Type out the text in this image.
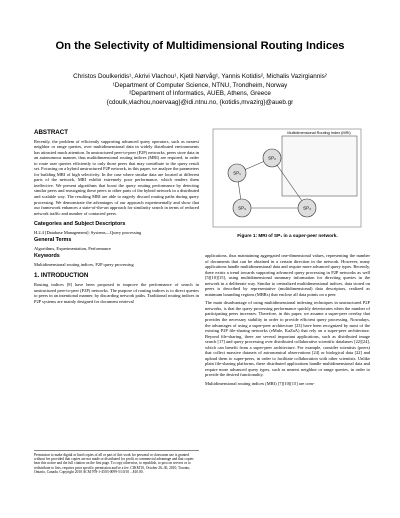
On the Selectivity of Multidimensional Routing Indices
Christos Doulkeridis¹, Akrivi Vlachou¹, Kjetil Nørvåg¹, Yannis Kotidis², Michalis Vazirgiannis²
¹Department of Computer Science, NTNU, Trondheim, Norway
²Department of Informatics, AUEB, Athens, Greece
{cdoulk,vlachou,noervaag}@idi.ntnu.no, {kotidis,mvazirg}@aueb.gr
ABSTRACT

Recently, the problem of efficiently supporting advanced query operators, such as nearest neighbor or range queries, over multidimensional data in widely distributed environments has attracted much attention. In unstructured peer-to-peer (P2P) networks, peers store data in an autonomous manner, thus multidimensional routing indices (MRI) are required, in order to route user queries efficiently to only those peers that may contribute to the query result set. Focusing on a hybrid unstructured P2P network, in this paper, we analyze the parameters for building MRI of high selectivity. In the case where similar data are located at different parts of the network, MRI exhibit extremely poor performance, which renders them ineffective. We present algorithms that boost the query routing performance by detecting similar peers and reassigning these peers to other parts of the hybrid network in a distributed and scalable way. The resulting MRI are able to eagerly discard routing paths during query processing. We demonstrate the advantages of our approach experimentally and show that our framework enhances a state-of-the-art approach for similarity search in terms of reduced network traffic and number of contacted peers.

Categories and Subject Descriptors

H.2.4 [Database Management]: Systems—Query processing

General Terms

Algorithms, Experimentation, Performance

Keywords

Multidimensional routing indices, P2P query processing

1. INTRODUCTION

Routing indices [8] have been proposed to improve the performance of search in unstructured peer-to-peer (P2P) networks. The purpose of routing indices is to direct queries to peers in an intentional manner, by discarding network paths. Traditional routing indices in P2P systems are mainly designed for document retrieval

Permission to make digital or hard copies of all or part of this work for personal or classroom use is granted without fee provided that copies are not made or distributed for profit or commercial advantage and that copies bear this notice and the full citation on the first page. To copy otherwise, to republish, to post on servers or to redistribute to lists, requires prior specific permission and/or a fee. CIKM'10, October 26–30, 2010, Toronto, Ontario, Canada. Copyright 2010 ACM 978-1-4503-0099-5/10/10 ...$10.00.
Multidimensional Routing Index (MRI)
SP₁
SP₂
SP₃	SP₄
Figure 1: MRI of SP₁ in a super-peer network.

applications, thus maintaining aggregated one-dimensional values, representing the number of documents that can be obtained in a certain direction in the network. However, many applications handle multidimensional data and require more advanced query types. Recently, there exists a trend towards supporting advanced query processing in P2P networks as well [5][10][15], using multidimensional summary information for directing queries in the network in a deliberate way. Similar to centralized multidimensional indices, data stored on peers is described by representative (multidimensional) data descriptors, realized as minimum bounding regions (MBRs) that enclose all data points on a peer.

The main disadvantage of using multidimensional indexing techniques in unstructured P2P networks, is that the query processing performance quickly deteriorates when the number of participating peers increases. Therefore, in this paper, we assume a super-peer overlay that provides the necessary stability in order to provide efficient query processing. Nowadays, the advantages of using a super-peer architecture [23] have been recognized by most of the existing P2P file-sharing networks (eMule, KaZaA) that rely on a super-peer architecture. Beyond file-sharing, there are several important applications, such as distributed image search [17] and query processing over distributed collaborative scientific databases [22][24], which can benefit from a super-peer architecture. For example, consider scientists (peers) that collect massive datasets of astronomical observations [24] or biological data [22] and upload them to super-peers, in order to facilitate collaboration with other scientists. Unlike plain file-sharing platforms, these distributed applications handle multidimensional data and require more advanced query types, such as nearest neighbor or range queries, in order to provide the desired functionality.

Multidimensional routing indices (MRI) [7][10][15] are com-
